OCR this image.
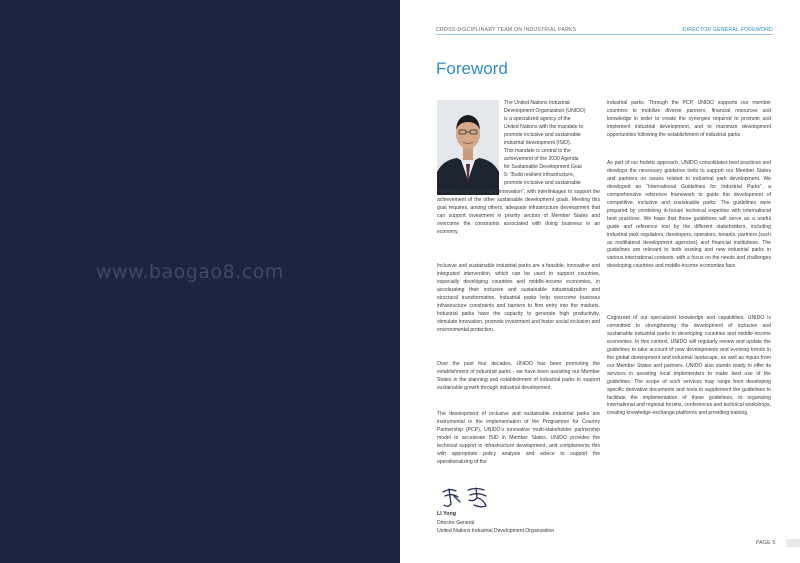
www.baogao8.com
CROSS-DISCIPLINARY TEAM ON INDUSTRIAL PARKS	DIRECTOR GENERAL FOREWORD
Foreword
The United Nations Industrial
Development Organization (UNIDO)
is a specialized agency of the
United Nations with the mandate to
promote inclusive and sustainable
industrial development (ISID).
This mandate is central to the
achievement of the 2030 Agenda
for Sustainable Development Goal
9: “Build resilient infrastructure,
promote inclusive and sustainable
industrialization and foster innovation”, with interlinkages to support the achievement of the other sustainable development goals. Meeting this goal requires, among others, adequate infrastructure development that can support investment in priority sectors of Member States and overcome the constraints associated with doing business in an economy.
Inclusive and sustainable industrial parks are a feasible, innovative and integrated intervention, which can be used to support countries, especially developing countries and middle-income economies, in accelerating their inclusive and sustainable industrialization and structural transformation. Industrial parks help overcome business infrastructure constraints and barriers to firm entry into the markets. Industrial parks have the capacity to generate high productivity, stimulate innovation, promote investment and foster social inclusion and environmental protection.
Over the past four decades, UNIDO has been promoting the establishment of industrial parks - we have been assisting our Member States in the planning and establishment of industrial parks to support sustainable growth through industrial development.
The development of inclusive and sustainable industrial parks are instrumental in the implementation of the Programme for Country Partnership (PCP), UNIDO’s innovative multi-stakeholder partnership model to accelerate ISID in Member States. UNIDO provides the technical support in infrastructure development, and complements this with appropriate policy analysis and advice to support the operationalizing of the
industrial parks. Through the PCP, UNIDO supports our member countries to mobilize diverse partners, financial resources and knowledge in order to create the synergies required to promote and implement industrial development, and to maximize development opportunities following the establishment of industrial parks.
As part of our holistic approach, UNIDO consolidates best practices and develops the necessary guidance tools to support our Member States and partners on issues related to industrial park development. We developed an “International Guidelines for Industrial Parks”, a comprehensive reference framework to guide the development of competitive, inclusive and sustainable parks. The guidelines were prepared by combining in-house technical expertise with international best practices. We hope that these guidelines will serve as a useful guide and reference tool by the different stakeholders, including industrial park regulators, developers, operators, tenants, partners (such as multilateral development agencies) and financial institutions. The guidelines are relevant to both existing and new industrial parks in various international contexts, with a focus on the needs and challenges developing countries and middle-income economies face.
Cognizant of our specialized knowledge and capabilities, UNIDO is committed to strengthening the development of inclusive and sustainable industrial parks in developing countries and middle-income economies. In this context, UNIDO will regularly review and update the guidelines to take account of new developments and evolving trends in the global development and industrial landscape, as well as inputs from our Member States and partners. UNIDO also stands ready to offer its services in assisting local implementers to make best use of the guidelines. The scope of such services may range from developing specific derivative documents and tools to supplement the guidelines to facilitate the implementation of these guidelines, to organizing international and regional forums, conferences and technical workshops, creating knowledge-exchange platforms and providing training.
LI Yong
Director General
United Nations Industrial Development Organization
PAGE 5
